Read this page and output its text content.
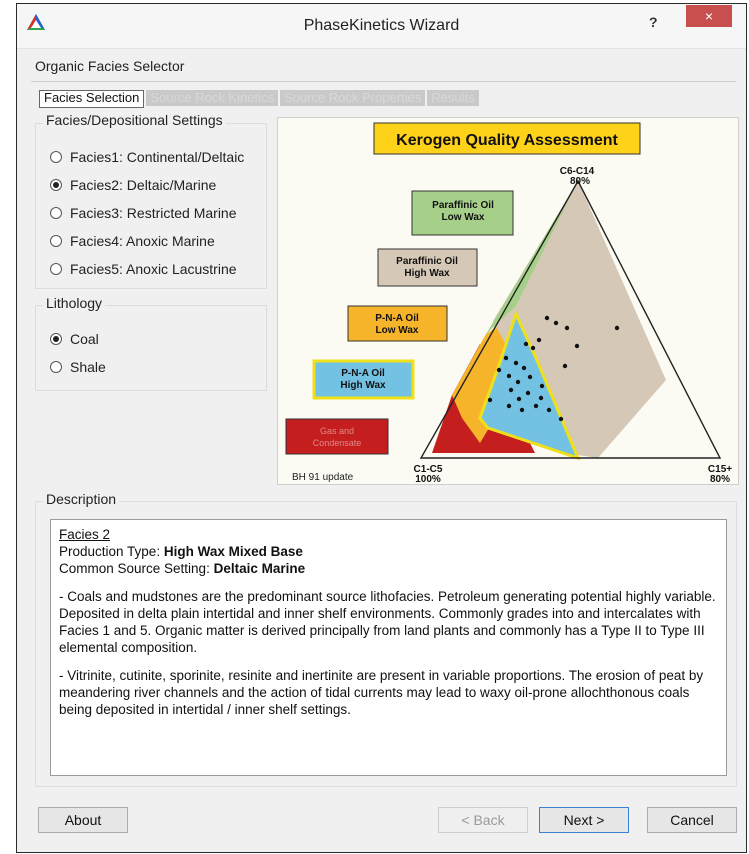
PhaseKinetics Wizard	?	×
Organic Facies Selector
Facies Selection Source Rock Kinetics Source Rock Properties Results
Facies/Depositional Settings
Facies1: Continental/Deltaic
Facies2: Deltaic/Marine
Facies3: Restricted Marine
Facies4: Anoxic Marine
Facies5: Anoxic Lacustrine
Lithology
Coal
Shale
Kerogen Quality Assessment
C6-C14
80%
C1-C5
100%
C15+
80%
BH 91 update
Paraffinic Oil
Low Wax
Paraffinic Oil
High Wax
P-N-A Oil
Low Wax
P-N-A Oil
High Wax
Gas and
Condensate
Description
Facies 2
Production Type: High Wax Mixed Base
Common Source Setting: Deltaic Marine
- Coals and mudstones are the predominant source lithofacies. Petroleum generating potential highly variable. Deposited in delta plain intertidal and inner shelf environments. Commonly grades into and intercalates with Facies 1 and 5. Organic matter is derived principally from land plants and commonly has a Type II to Type III elemental composition.
- Vitrinite, cutinite, sporinite, resinite and inertinite are present in variable proportions. The erosion of peat by meandering river channels and the action of tidal currents may lead to waxy oil-prone allochthonous coals being deposited in intertidal / inner shelf settings.
About	< Back	Next >	Cancel
